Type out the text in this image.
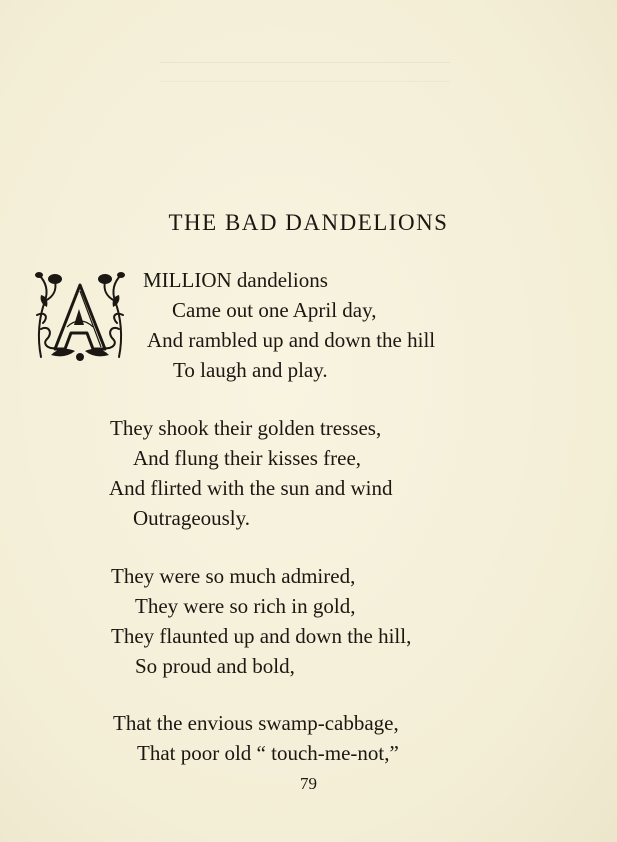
THE BAD DANDELIONS
MILLION dandelions
Came out one April day,
And rambled up and down the hill
To laugh and play.
They shook their golden tresses,
And flung their kisses free,
And flirted with the sun and wind
Outrageously.
They were so much admired,
They were so rich in gold,
They flaunted up and down the hill,
So proud and bold,
That the envious swamp-cabbage,
That poor old “ touch-me-not,”
79
